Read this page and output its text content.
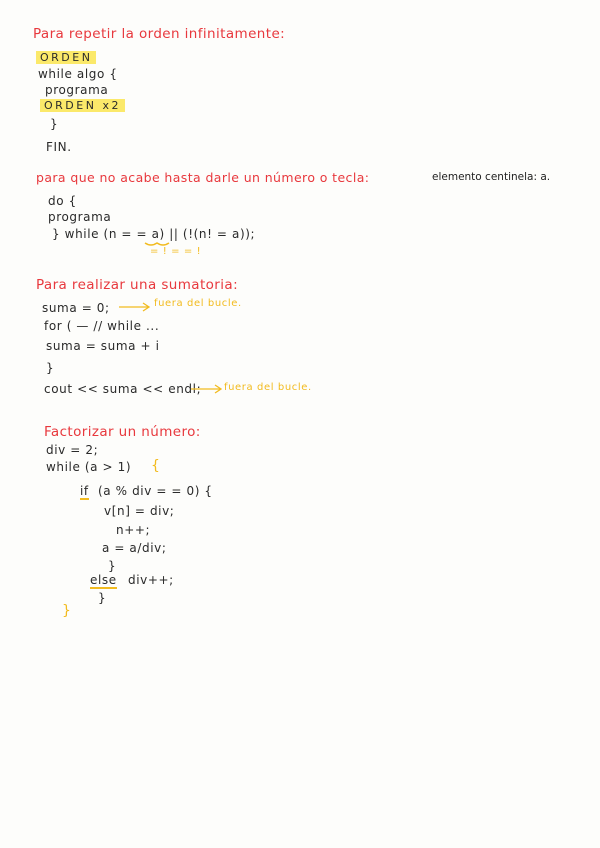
Para repetir la orden infinitamente:
ORDEN
while algo {
programa
ORDEN x2
}
FIN.
para que no acabe hasta darle un número o tecla:	elemento centinela: a.
do {
programa
} while (n = = a) || (!(n! = a));
= ! = = !
Para realizar una sumatoria:
suma = 0;	fuera del bucle.
for ( — // while ...
suma = suma + i
}
cout << suma << endl; fuera del bucle.
Factorizar un número:
div = 2;
while (a > 1) {
if (a % div = = 0) {
v[n] = div;
n++;
a = a/div;
}
else div++;
}
}
